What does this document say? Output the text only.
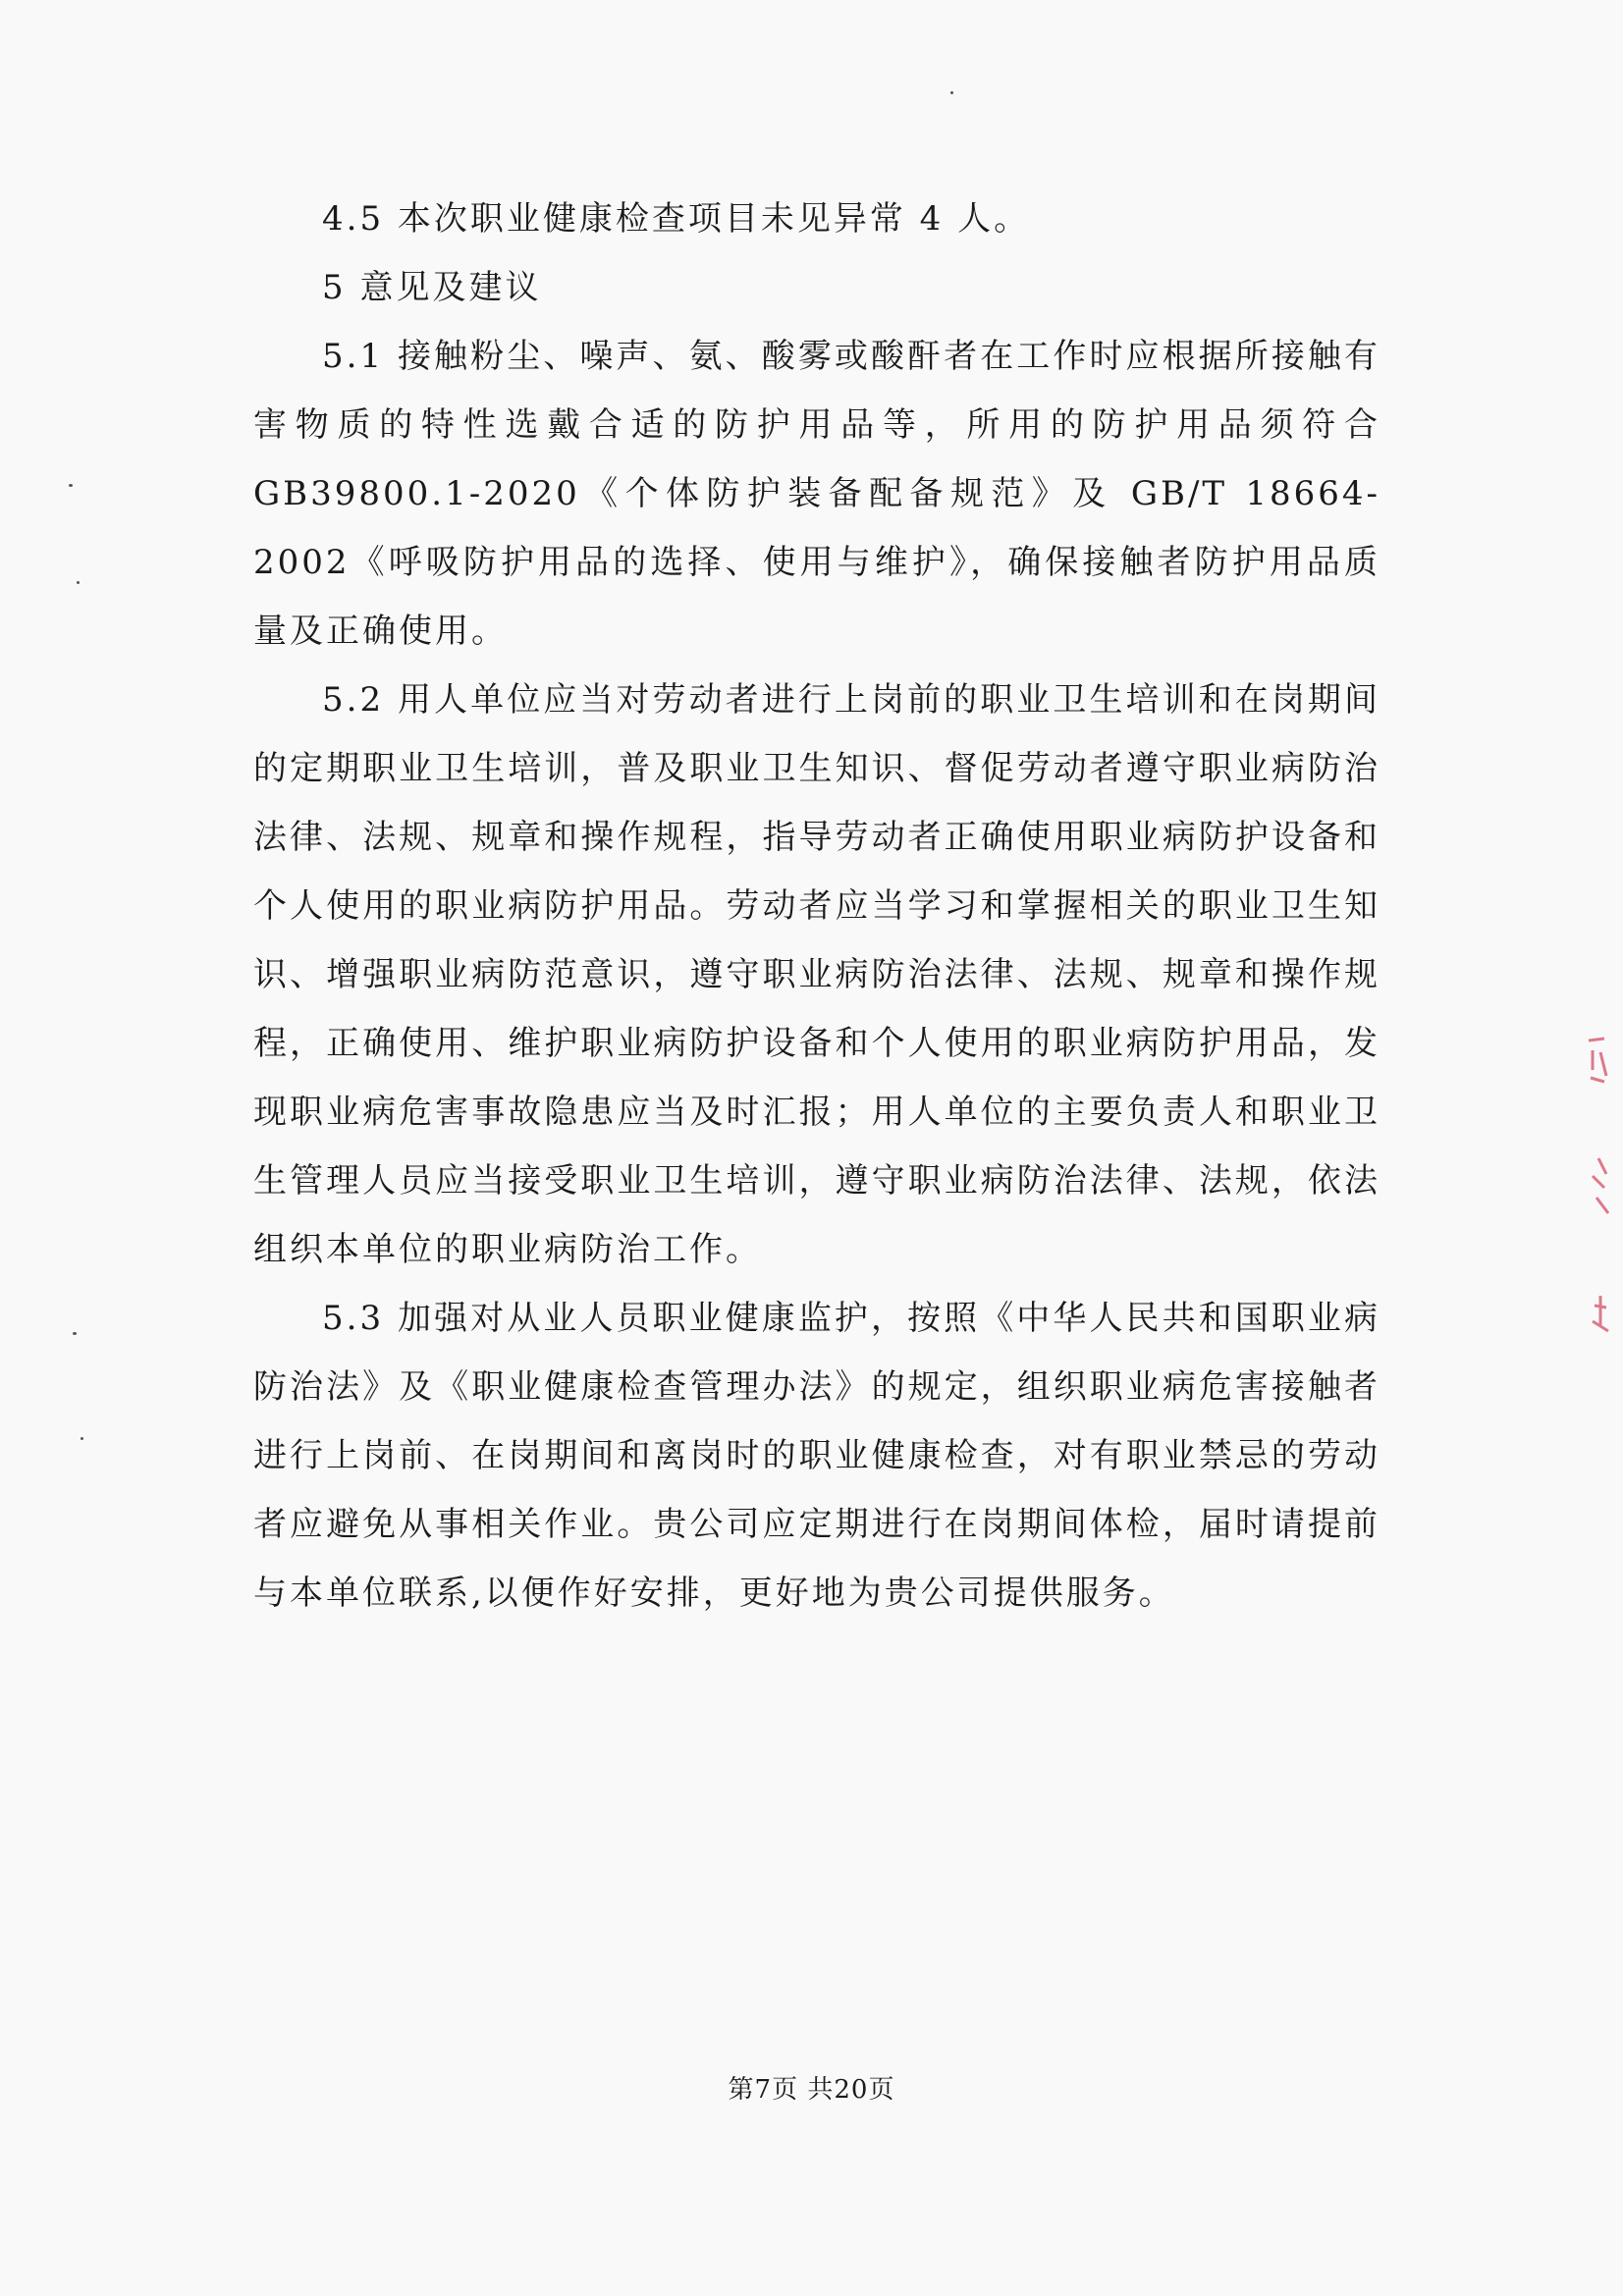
4.5 本次职业健康检查项目未见异常 4 人。

5 意见及建议

5.1 接触粉尘、噪声、氨、酸雾或酸酐者在工作时应根据所接触有害物质的特性选戴合适的防护用品等，所用的防护用品须符合GB39800.1-2020《个体防护装备配备规范》及 GB/T 18664-2002《呼吸防护用品的选择、使用与维护》，确保接触者防护用品质量及正确使用。

5.2 用人单位应当对劳动者进行上岗前的职业卫生培训和在岗期间的定期职业卫生培训，普及职业卫生知识、督促劳动者遵守职业病防治法律、法规、规章和操作规程，指导劳动者正确使用职业病防护设备和个人使用的职业病防护用品。劳动者应当学习和掌握相关的职业卫生知识、增强职业病防范意识，遵守职业病防治法律、法规、规章和操作规程，正确使用、维护职业病防护设备和个人使用的职业病防护用品，发现职业病危害事故隐患应当及时汇报；用人单位的主要负责人和职业卫生管理人员应当接受职业卫生培训，遵守职业病防治法律、法规，依法组织本单位的职业病防治工作。

5.3 加强对从业人员职业健康监护，按照《中华人民共和国职业病防治法》及《职业健康检查管理办法》的规定，组织职业病危害接触者进行上岗前、在岗期间和离岗时的职业健康检查，对有职业禁忌的劳动者应避免从事相关作业。贵公司应定期进行在岗期间体检，届时请提前与本单位联系,以便作好安排，更好地为贵公司提供服务。

第7页 共20页
